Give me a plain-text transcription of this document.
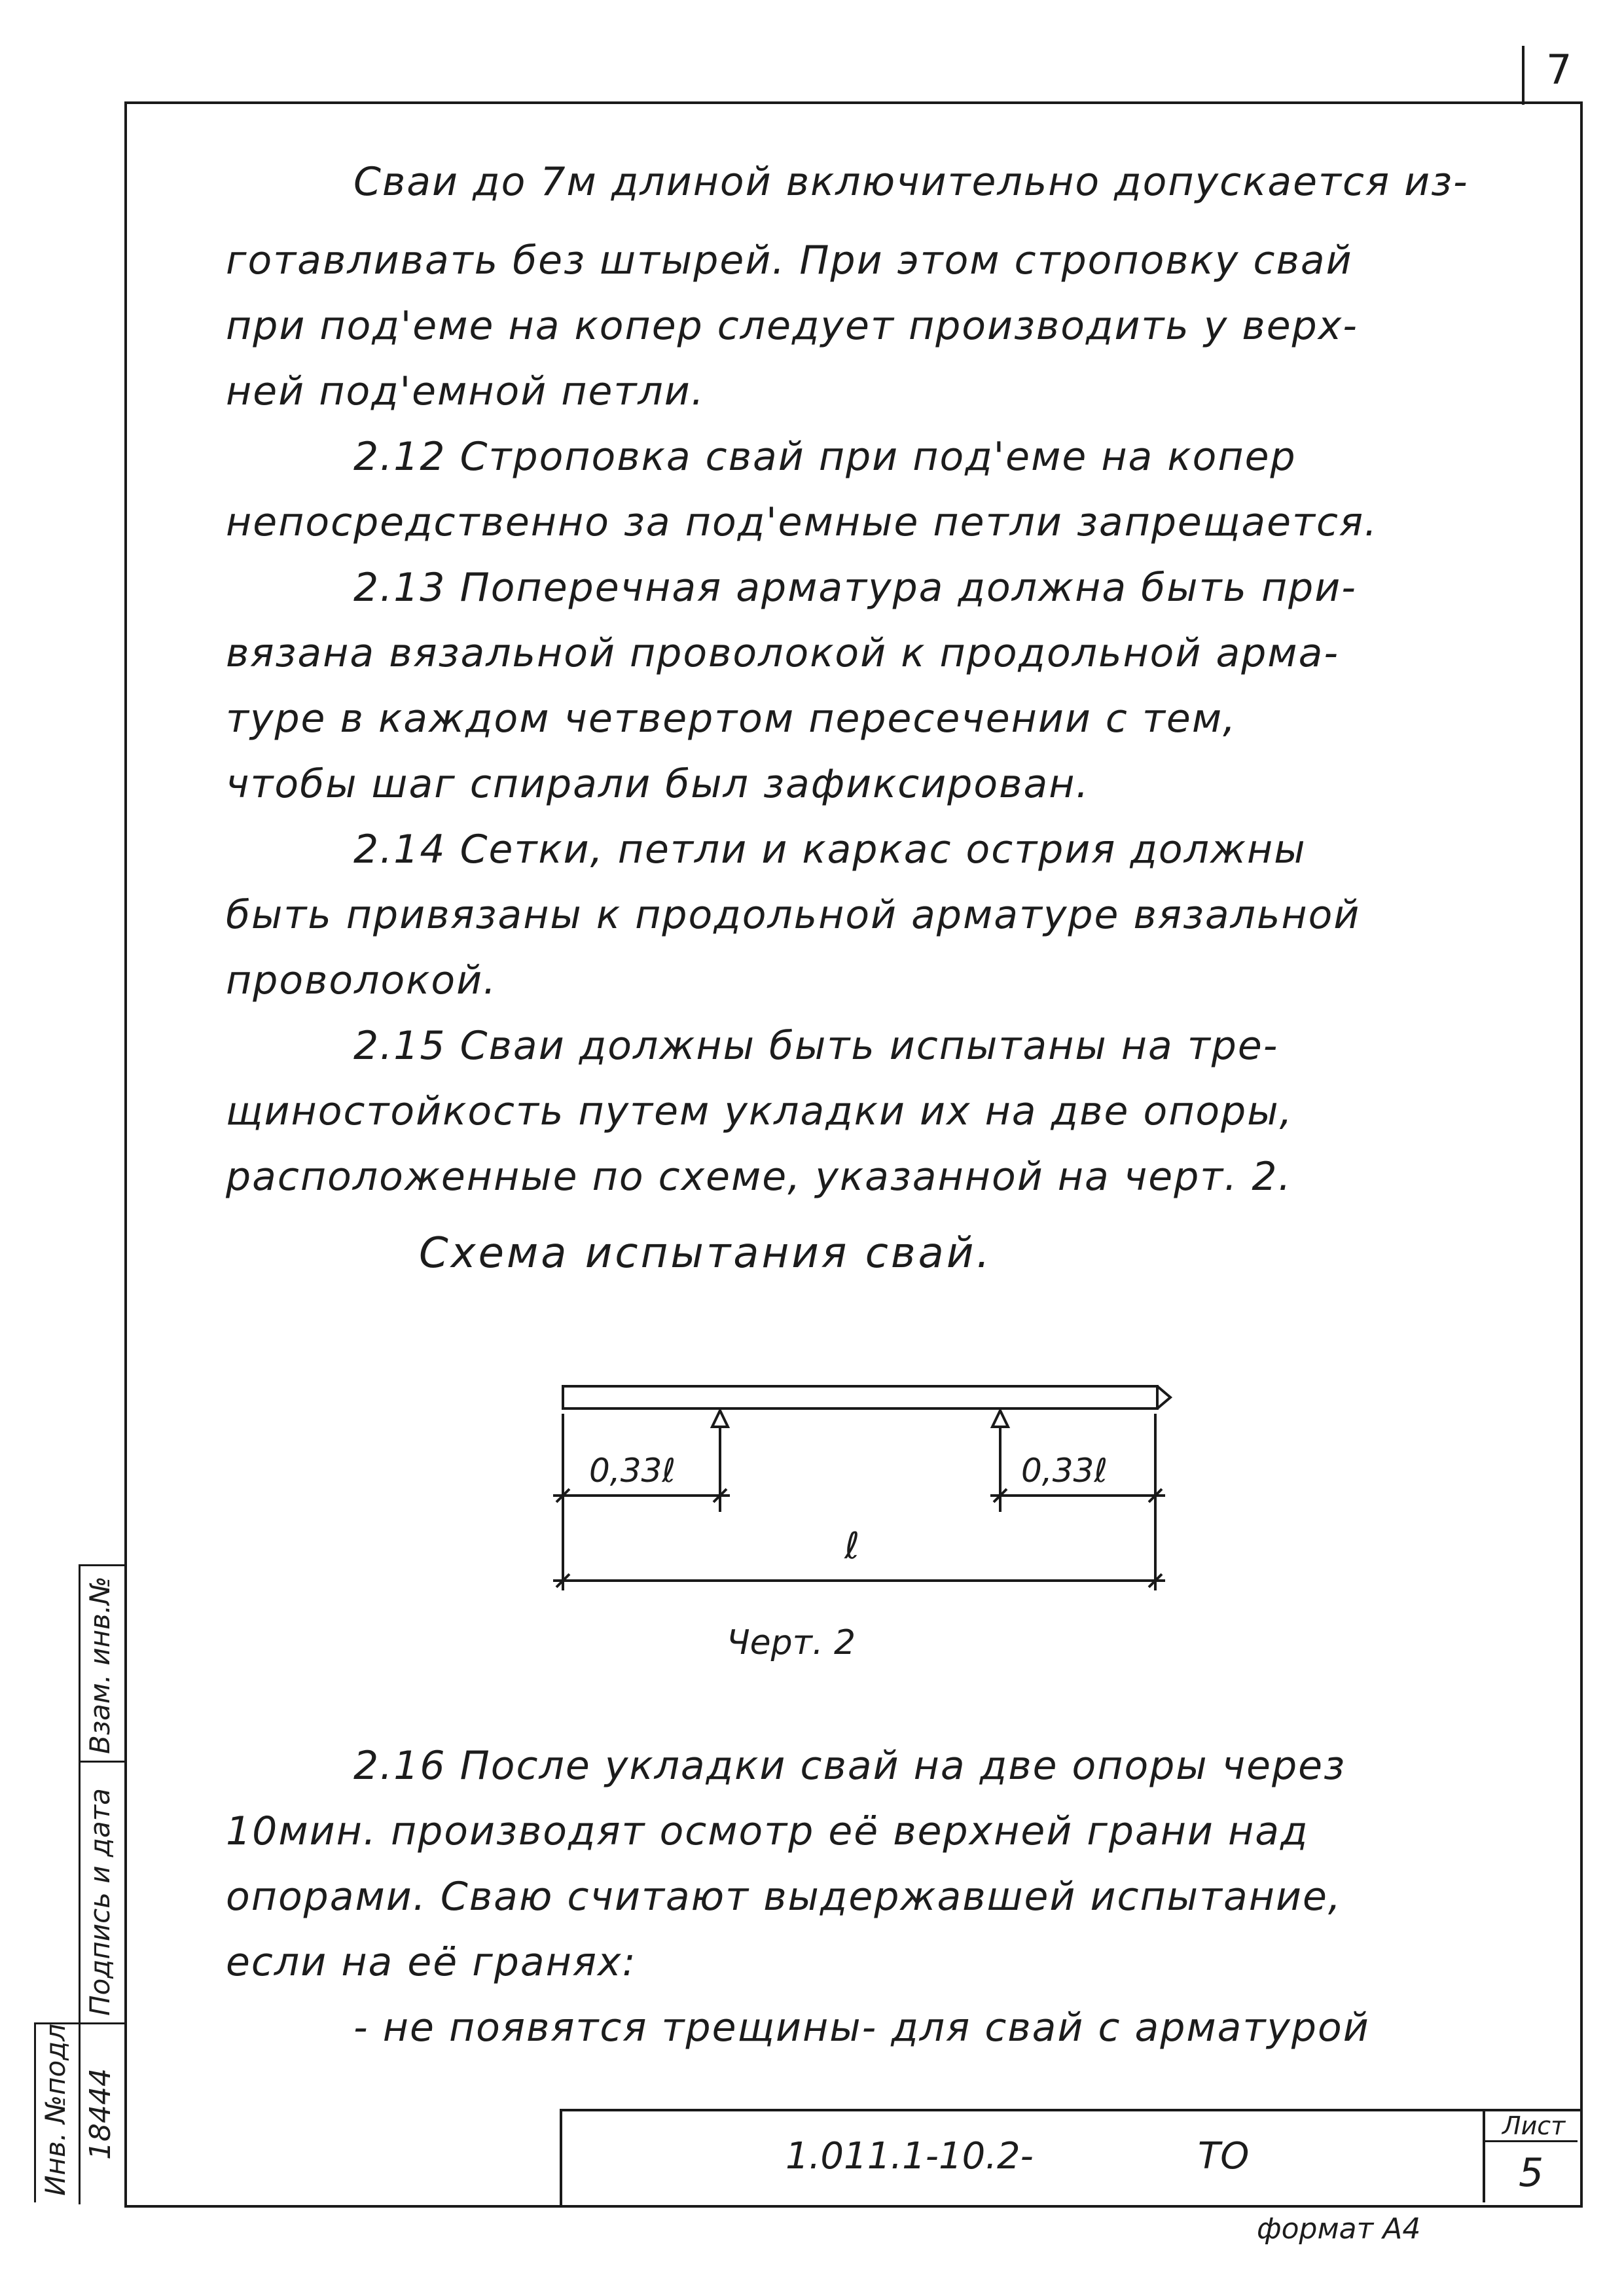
7
Сваи до 7м длиной включительно допускается из-
готавливать без штырей. При этом строповку свай
при под'еме на копер следует производить у верх-
ней под'емной петли.
2.12 Строповка свай при под'еме на копер
непосредственно за под'емные петли запрещается.
2.13 Поперечная арматура должна быть при-
вязана вязальной проволокой к продольной арма-
туре в каждом четвертом пересечении с тем,
чтобы шаг спирали был зафиксирован.
2.14 Сетки, петли и каркас острия должны
быть привязаны к продольной арматуре вязальной
проволокой.
2.15 Сваи должны быть испытаны на тре-
щиностойкость путем укладки их на две опоры,
расположенные по схеме, указанной на черт. 2.
Схема испытания свай.
0,33ℓ	0,33ℓ
ℓ
Черт. 2
2.16 После укладки свай на две опоры через
10мин. производят осмотр её верхней грани над
опорами. Сваю считают выдержавшей испытание,
если на её гранях:
- не появятся трещины- для свай с арматурой
Взам. инв.№
Подпись и дата
Инв. №подл 18444	1.011.1-10.2-	ТО
Лист
5
формат А4
